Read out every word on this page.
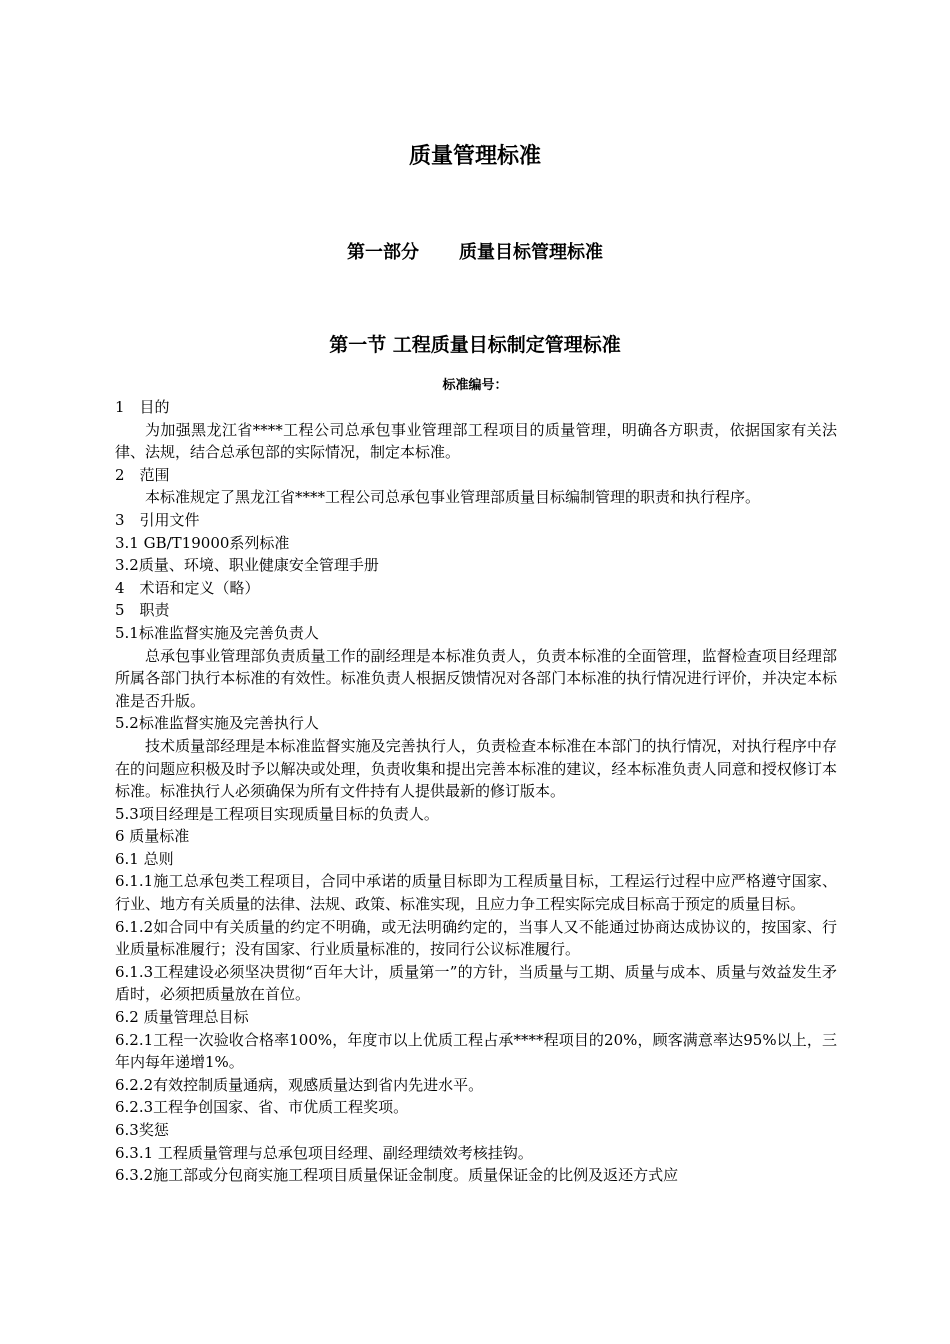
质量管理标准
第一部分 质量目标管理标准
第一节 工程质量目标制定管理标准
标准编号：

1　目的

为加强黑龙江省****工程公司总承包事业管理部工程项目的质量管理，明确各方职责，依据国家有关法律、法规，结合总承包部的实际情况，制定本标准。

2　范围

本标准规定了黑龙江省****工程公司总承包事业管理部质量目标编制管理的职责和执行程序。

3　引用文件

3.1 GB/T19000系列标准

3.2质量、环境、职业健康安全管理手册

4　术语和定义（略）

5　职责

5.1标准监督实施及完善负责人

总承包事业管理部负责质量工作的副经理是本标准负责人，负责本标准的全面管理，监督检查项目经理部所属各部门执行本标准的有效性。标准负责人根据反馈情况对各部门本标准的执行情况进行评价，并决定本标准是否升版。

5.2标准监督实施及完善执行人

技术质量部经理是本标准监督实施及完善执行人，负责检查本标准在本部门的执行情况，对执行程序中存在的问题应积极及时予以解决或处理，负责收集和提出完善本标准的建议，经本标准负责人同意和授权修订本标准。标准执行人必须确保为所有文件持有人提供最新的修订版本。

5.3项目经理是工程项目实现质量目标的负责人。

6 质量标准

6.1 总则

6.1.1施工总承包类工程项目，合同中承诺的质量目标即为工程质量目标，工程运行过程中应严格遵守国家、行业、地方有关质量的法律、法规、政策、标准实现，且应力争工程实际完成目标高于预定的质量目标。

6.1.2如合同中有关质量的约定不明确，或无法明确约定的，当事人又不能通过协商达成协议的，按国家、行业质量标准履行；没有国家、行业质量标准的，按同行公议标准履行。

6.1.3工程建设必须坚决贯彻“百年大计，质量第一”的方针，当质量与工期、质量与成本、质量与效益发生矛盾时，必须把质量放在首位。

6.2 质量管理总目标

6.2.1工程一次验收合格率100%，年度市以上优质工程占承****程项目的20%，顾客满意率达95%以上，三年内每年递增1%。

6.2.2有效控制质量通病，观感质量达到省内先进水平。

6.2.3工程争创国家、省、市优质工程奖项。

6.3奖惩

6.3.1 工程质量管理与总承包项目经理、副经理绩效考核挂钩。

6.3.2施工部或分包商实施工程项目质量保证金制度。质量保证金的比例及返还方式应
